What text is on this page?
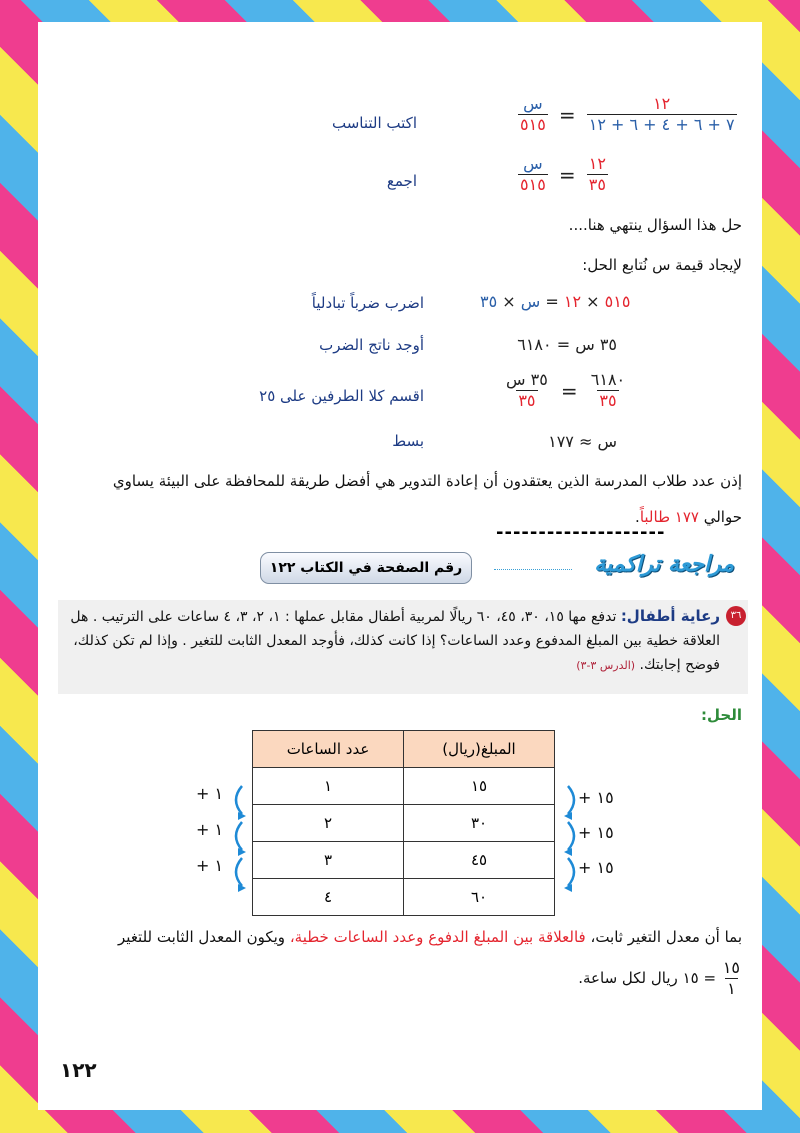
$\frac{\text{س}}{٥١٥} = \frac{١٢}{٧ + ٦ + ٤ + ٦ + ١٢}$
اكتب التناسب
$\frac{\text{س}}{٥١٥} = \frac{١٢}{٣٥}$
اجمع
حل هذا السؤال ينتهي هنا....
لإيجاد قيمة س نُتابع الحل:
٥١٥ × ١٢ = س × ٣٥
اضرب ضرباً تبادلياً
٣٥ س = ٦١٨٠
أوجد ناتج الضرب
$\frac{\text{٣٥ س}}{٣٥} = \frac{٦١٨٠}{٣٥}$
اقسم كلا الطرفين على ٢٥
س ≈ ١٧٧
بسط
إذن عدد طلاب المدرسة الذين يعتقدون أن إعادة التدوير هي أفضل طريقة للمحافظة على البيئة يساوي
حوالي ١٧٧ طالباً.
--------------------
رقم الصفحة في الكتاب ١٢٢	مراجعة تراكمية
٣٦
رعاية أطفال: تدفع مها ١٥، ٣٠، ٤٥، ٦٠ ريالًا لمربية أطفال مقابل عملها : ١، ٢، ٣، ٤ ساعات على الترتيب . هل العلاقة خطية بين المبلغ المدفوع وعدد الساعات؟ إذا كانت كذلك، فأوجد المعدل الثابت للتغير . وإذا لم تكن كذلك، فوضح إجابتك. (الدرس ٣-٣)
الحل:
المبلغ(ريال)	عدد الساعات
١٥	١
٣٠	٢
٤٥	٣
٦٠	٤
+ ١
+ ١
+ ١
+ ١٥
+ ١٥
+ ١٥
بما أن معدل التغير ثابت، فالعلاقة بين المبلغ الدفوع وعدد الساعات خطية، ويكون المعدل الثابت للتغير
$\frac{١٥}{١}$
= ١٥ ريال لكل ساعة.
١٢٢
